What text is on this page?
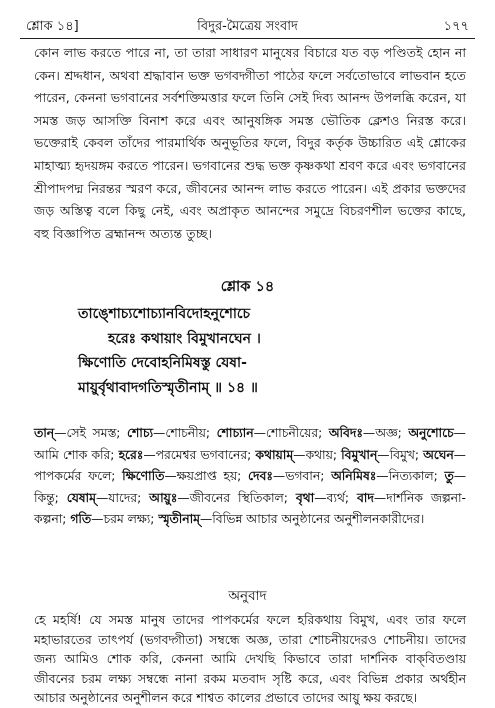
শ্লোক ১৪]	বিদুর-মৈত্রেয় সংবাদ	১৭৭
কোন লাভ করতে পারে না, তা তারা সাধারণ মানুষের বিচারে যত বড় পণ্ডিতই হোন না কেন। শ্রদ্দধান, অথবা শ্রদ্ধাবান ভক্ত ভগবদ্গীতা পাঠের ফলে সর্বতোভাবে লাভবান হতে পারেন, কেননা ভগবানের সর্বশক্তিমত্তার ফলে তিনি সেই দিব্য আনন্দ উপলব্ধি করেন, যা সমস্ত জড় আসক্তি বিনাশ করে এবং আনুষঙ্গিক সমস্ত ভৌতিক ক্লেশও নিরস্ত করে। ভক্তেরাই কেবল তাঁদের পারমার্থিক অনুভূতির ফলে, বিদুর কর্তৃক উচ্চারিত এই শ্লোকের মাহাত্ম্য হৃদয়ঙ্গম করতে পারেন। ভগবানের শুদ্ধ ভক্ত কৃষ্ণকথা শ্রবণ করে এবং ভগবানের শ্রীপাদপদ্ম নিরন্তর স্মরণ করে, জীবনের আনন্দ লাভ করতে পারেন। এই প্রকার ভক্তদের জড় অস্তিত্ব বলে কিছু নেই, এবং অপ্রাকৃত আনন্দের সমুদ্রে বিচরণশীল ভক্তের কাছে, বহু বিজ্ঞাপিত ব্রহ্মানন্দ অত্যন্ত তুচ্ছ।
শ্লোক ১৪
তাঙ্শোচ্যশোচ্যানবিদোহনুশোচে
হরেঃ কথায়াং বিমুখানঘেন ।
ক্ষিণোতি দেবোহনিমিষস্তু যেষা-
মায়ুর্বৃথাবাদগতিস্মৃতীনাম্ ॥ ১৪ ॥
তান্—সেই সমস্ত; শোচ্য—শোচনীয়; শোচ্যান—শোচনীয়ের; অবিদঃ—অজ্ঞ; অনুশোচে—আমি শোক করি; হরেঃ—পরমেশ্বর ভগবানের; কথায়াম্—কথায়; বিমুখান্—বিমুখ; অঘেন—পাপকর্মের ফলে; ক্ষিণোতি—ক্ষয়প্রাপ্ত হয়; দেবঃ—ভগবান; অনিমিষঃ—নিত্যকাল; তু—কিন্তু; যেষাম্—যাদের; আয়ুঃ—জীবনের স্থিতিকাল; বৃথা—ব্যর্থ; বাদ—দার্শনিক জল্পনা-কল্পনা; গতি—চরম লক্ষ্য; স্মৃতীনাম্—বিভিন্ন আচার অনুষ্ঠানের অনুশীলনকারীদের।
অনুবাদ
হে মহর্ষি! যে সমস্ত মানুষ তাদের পাপকর্মের ফলে হরিকথায় বিমুখ, এবং তার ফলে মহাভারতের তাৎপর্য (ভগবদ্গীতা) সম্বন্ধে অজ্ঞ, তারা শোচনীয়দেরও শোচনীয়। তাদের জন্য আমিও শোক করি, কেননা আমি দেখছি কিভাবে তারা দার্শনিক বাক্‌বিতণ্ডায় জীবনের চরম লক্ষ্য সম্বন্ধে নানা রকম মতবাদ সৃষ্টি করে, এবং বিভিন্ন প্রকার অর্থহীন আচার অনুষ্ঠানের অনুশীলন করে শাশ্বত কালের প্রভাবে তাদের আয়ু ক্ষয় করছে।
